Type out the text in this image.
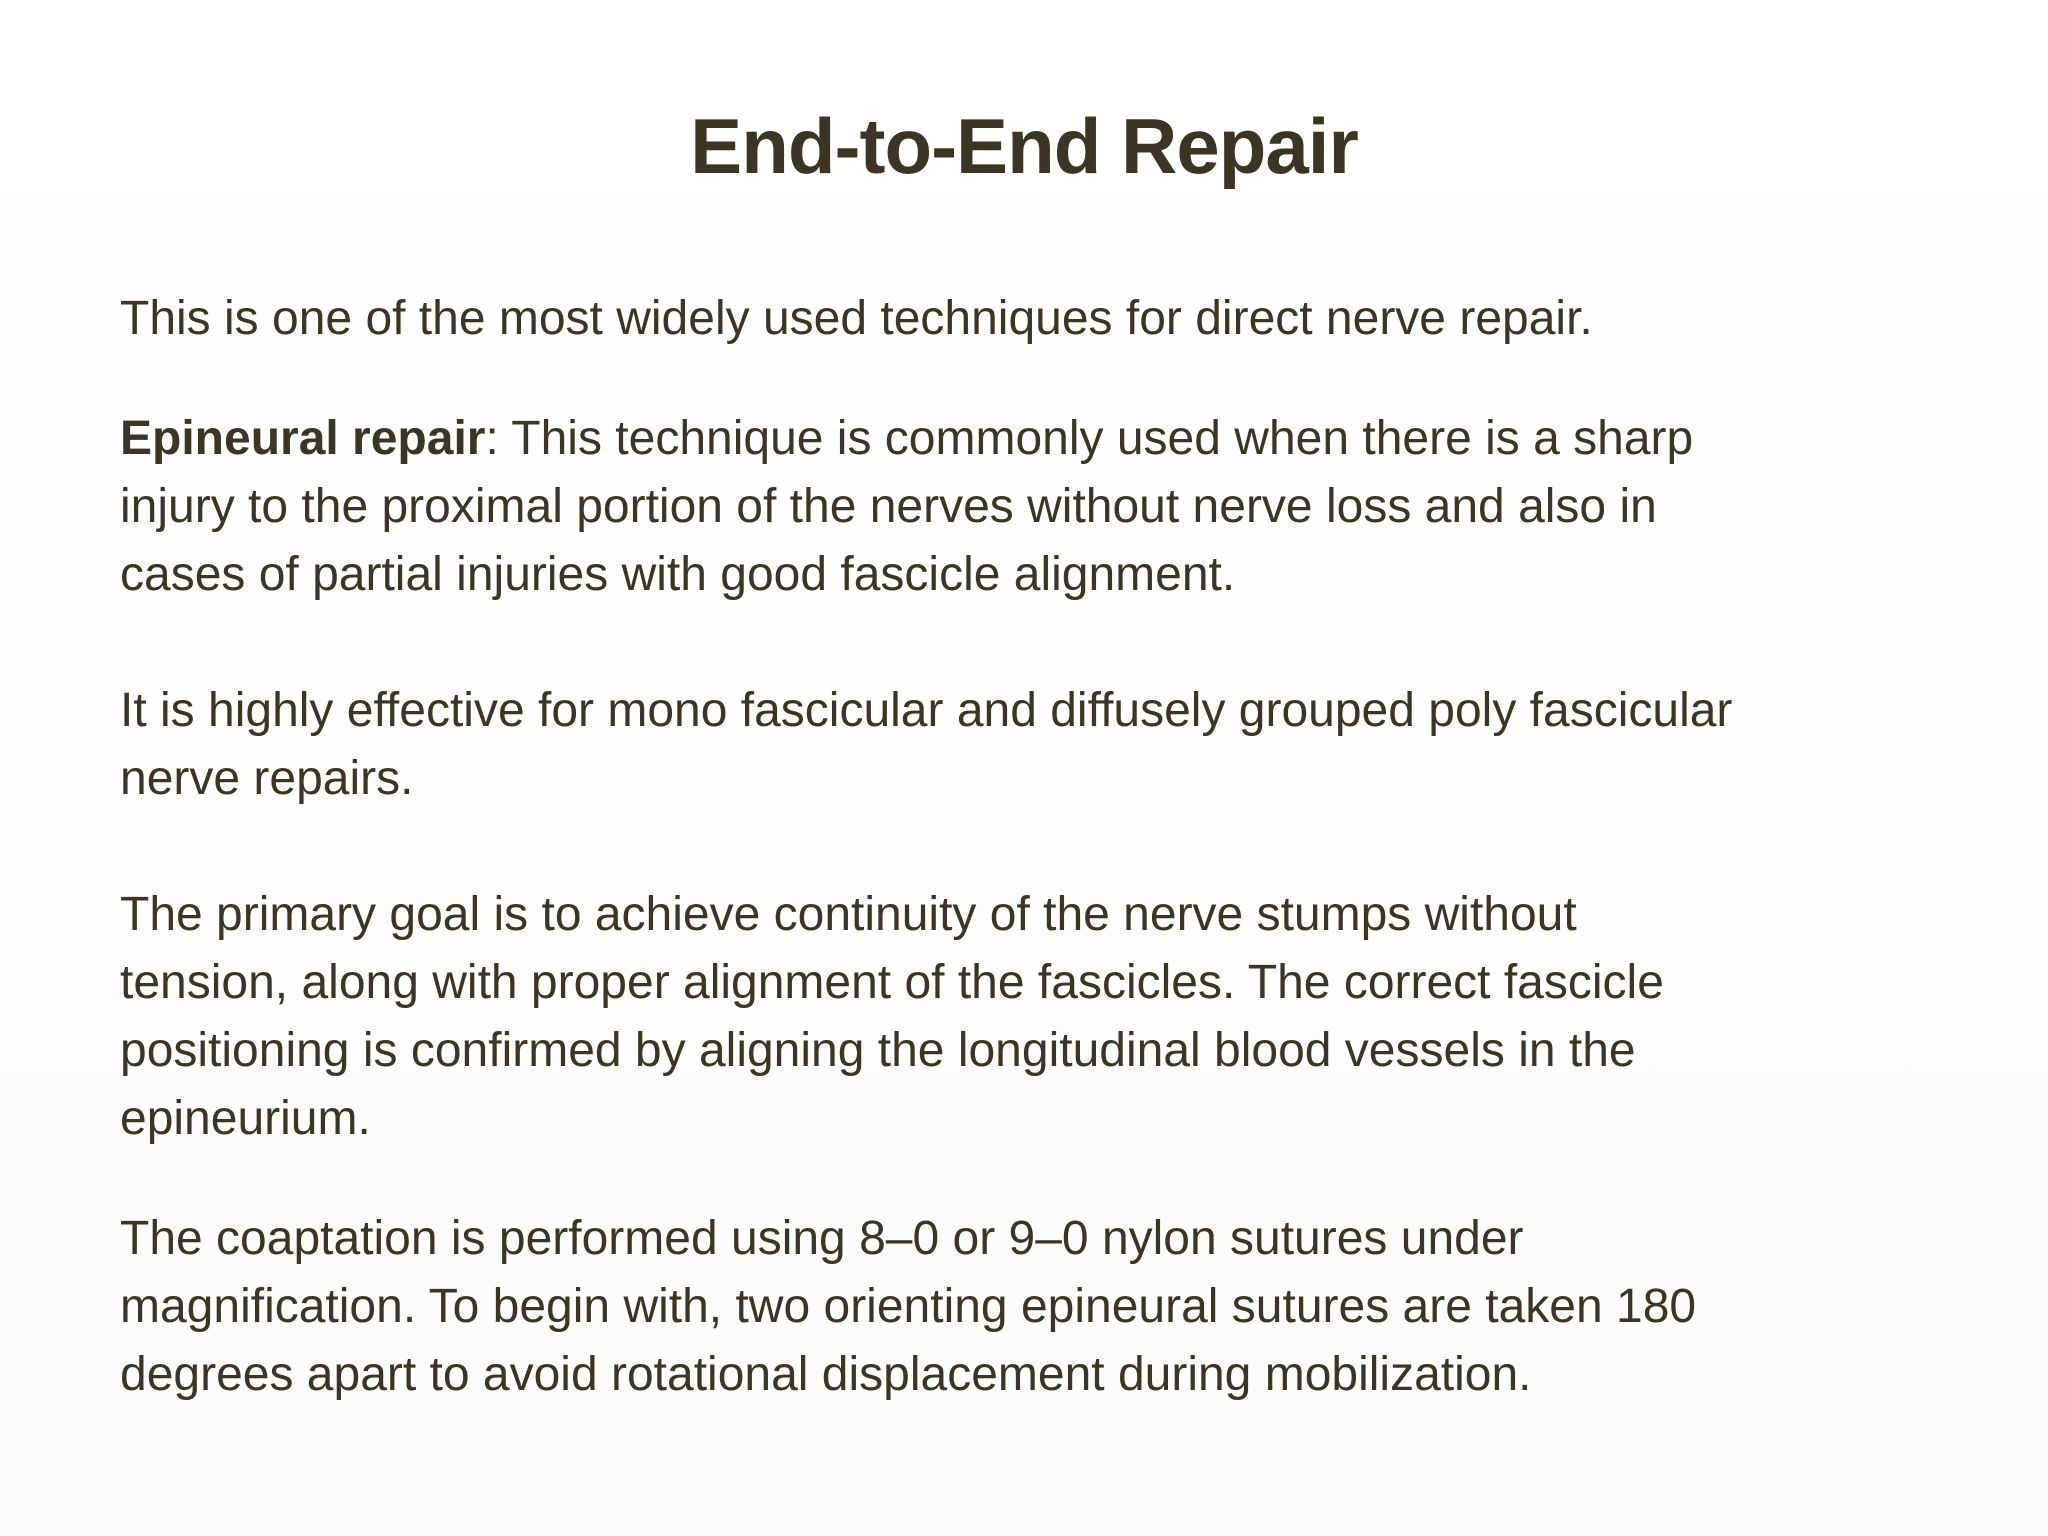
End-to-End Repair

This is one of the most widely used techniques for direct nerve repair.

Epineural repair: This technique is commonly used when there is a sharp
injury to the proximal portion of the nerves without nerve loss and also in
cases of partial injuries with good fascicle alignment.

It is highly effective for mono fascicular and diffusely grouped poly fascicular
nerve repairs.

The primary goal is to achieve continuity of the nerve stumps without
tension, along with proper alignment of the fascicles. The correct fascicle
positioning is confirmed by aligning the longitudinal blood vessels in the
epineurium.

The coaptation is performed using 8–0 or 9–0 nylon sutures under
magnification. To begin with, two orienting epineural sutures are taken 180
degrees apart to avoid rotational displacement during mobilization.
